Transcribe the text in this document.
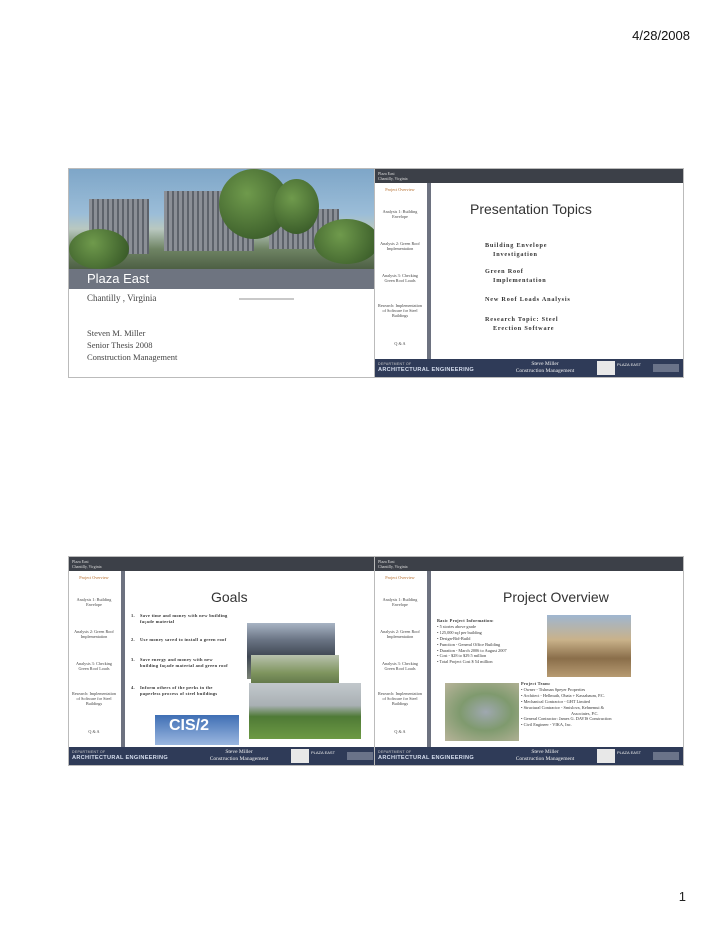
4/28/2008
Plaza East
Chantilly , Virginia
Steven M. Miller
Senior Thesis 2008
Construction Management
Plaza East
Chantilly, Virginia
Project Overview
Analysis 1: Building Envelope
Analysis 2: Green Roof Implementation
Analysis 3: Checking Green Roof Loads
Research: Implementation of Software for Steel Buildings
Q & A
Presentation Topics
Building Envelope
Investigation
Green Roof
Implementation
New Roof Loads Analysis
Research Topic: Steel
Erection Software
DEPARTMENT OF
ARCHITECTURAL ENGINEERING
Steve Miller
Construction Management
PLAZA EAST
Plaza East
Chantilly, Virginia
Project Overview
Analysis 1: Building Envelope
Analysis 2: Green Roof Implementation
Analysis 3: Checking Green Roof Loads
Research: Implementation of Software for Steel Buildings
Q & A
Goals
1. Save time and money with new building façade material
2. Use money saved to install a green roof
3. Save energy and money with new building façade material and green roof
4. Inform others of the perks in the paperless process of steel buildings
CIS/2
DEPARTMENT OF
ARCHITECTURAL ENGINEERING
Steve Miller
Construction Management
PLAZA EAST
Plaza East
Chantilly, Virginia
Project Overview
Analysis 1: Building Envelope
Analysis 2: Green Roof Implementation
Analysis 3: Checking Green Roof Loads
Research: Implementation of Software for Steel Buildings
Q & A
Project Overview
Basic Project Information:
• 5 stories above grade
• 125,000 sqf per building
• Design-Bid-Build
• Function - General Office Building
• Duration - March 2006 to August 2007
• Cost - $28 to $29.5 million
• Total Project Cost $ 54 million
Project Team:
• Owner - Tishman Speyer Properties
• Architect - Hellmuth, Obata + Kassabaum, P.C.
• Mechanical Contractor - GHT Limited
• Structural Contractor - Smislova, Kehnemui &
Associates, P.C.
• General Contractor: James G. DAVIS Construction
• Civil Engineer - VIKA, Inc.
DEPARTMENT OF
ARCHITECTURAL ENGINEERING
Steve Miller
Construction Management
PLAZA EAST
1
